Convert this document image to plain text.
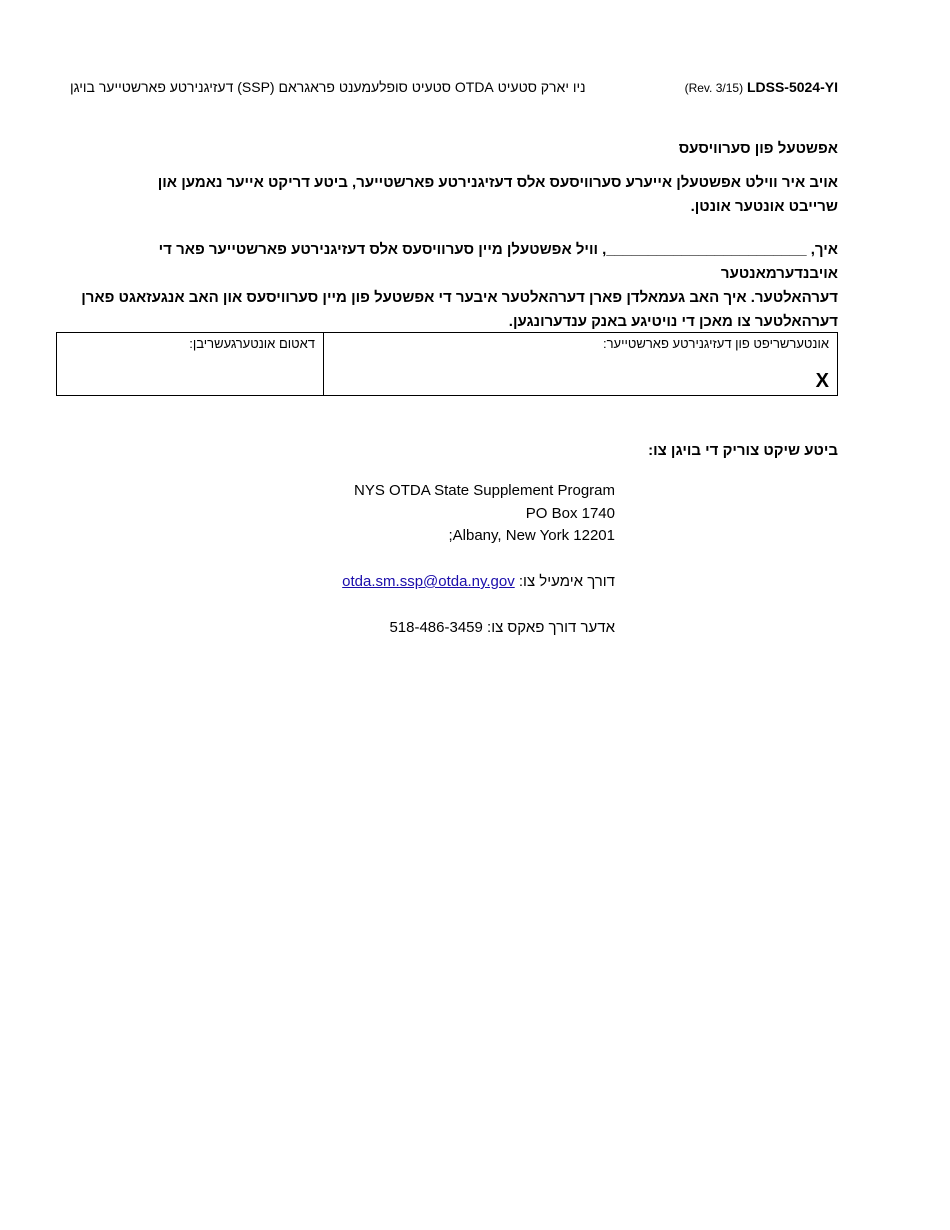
ניו יארק סטעיט OTDA סטעיט סופלעמענט פראגראם (SSP) דעזיגנירטע פארשטייער בויגן	(Rev. 3/15) LDSS-5024-YI
אפשטעל פון סערוויסעס
אויב איר ווילט אפשטעלן אייערע סערוויסעס אלס דעזיגנירטע פארשטייער, ביטע דריקט אייער נאמען און שרייבט אונטער אונטן.

איך, ________________________, וויל אפשטעלן מיין סערוויסעס אלס דעזיגנירטע פארשטייער פאר די אויבנדערמאנטער

דערהאלטער. איך האב געמאלדן פארן דערהאלטער איבער די אפשטעל פון מיין סערוויסעס און האב אנגעזאגט פארן

דערהאלטער צו מאכן די נויטיגע באנק ענדערונגען.

דאטום אונטערגעשריבן:	אונטערשריפט פון דעזיגנירטע פארשטייער:
X
ביטע שיקט צוריק די בויגן צו:
NYS OTDA State Supplement Program
PO Box 1740
;Albany, New York 12201
otda.sm.ssp@otda.ny.gov דורך אימעיל צו:
518-486-3459 אדער דורך פאקס צו:
